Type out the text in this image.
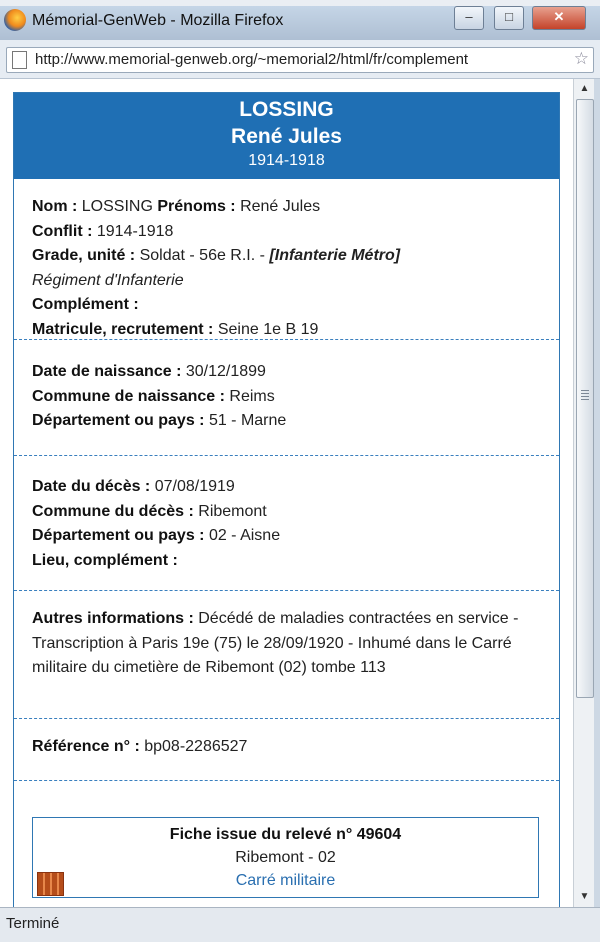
Mémorial-GenWeb - Mozilla Firefox	–	□	✕
http://www.memorial-genweb.org/~memorial2/html/fr/complement	☆
LOSSING
René Jules
1914-1918
Nom : LOSSING Prénoms : René Jules
Conflit : 1914-1918
Grade, unité : Soldat - 56e R.I. - [Infanterie Métro]
Régiment d'Infanterie
Complément :
Matricule, recrutement : Seine 1e B 19
Date de naissance : 30/12/1899
Commune de naissance : Reims
Département ou pays : 51 - Marne
Date du décès : 07/08/1919
Commune du décès : Ribemont
Département ou pays : 02 - Aisne
Lieu, complément :
Autres informations : Décédé de maladies contractées en service - Transcription à Paris 19e (75) le 28/09/1920 - Inhumé dans le Carré militaire du cimetière de Ribemont (02) tombe 113
Référence n° : bp08-2286527
Fiche issue du relevé n° 49604
Ribemont - 02
Carré militaire
▲
▼
Terminé
